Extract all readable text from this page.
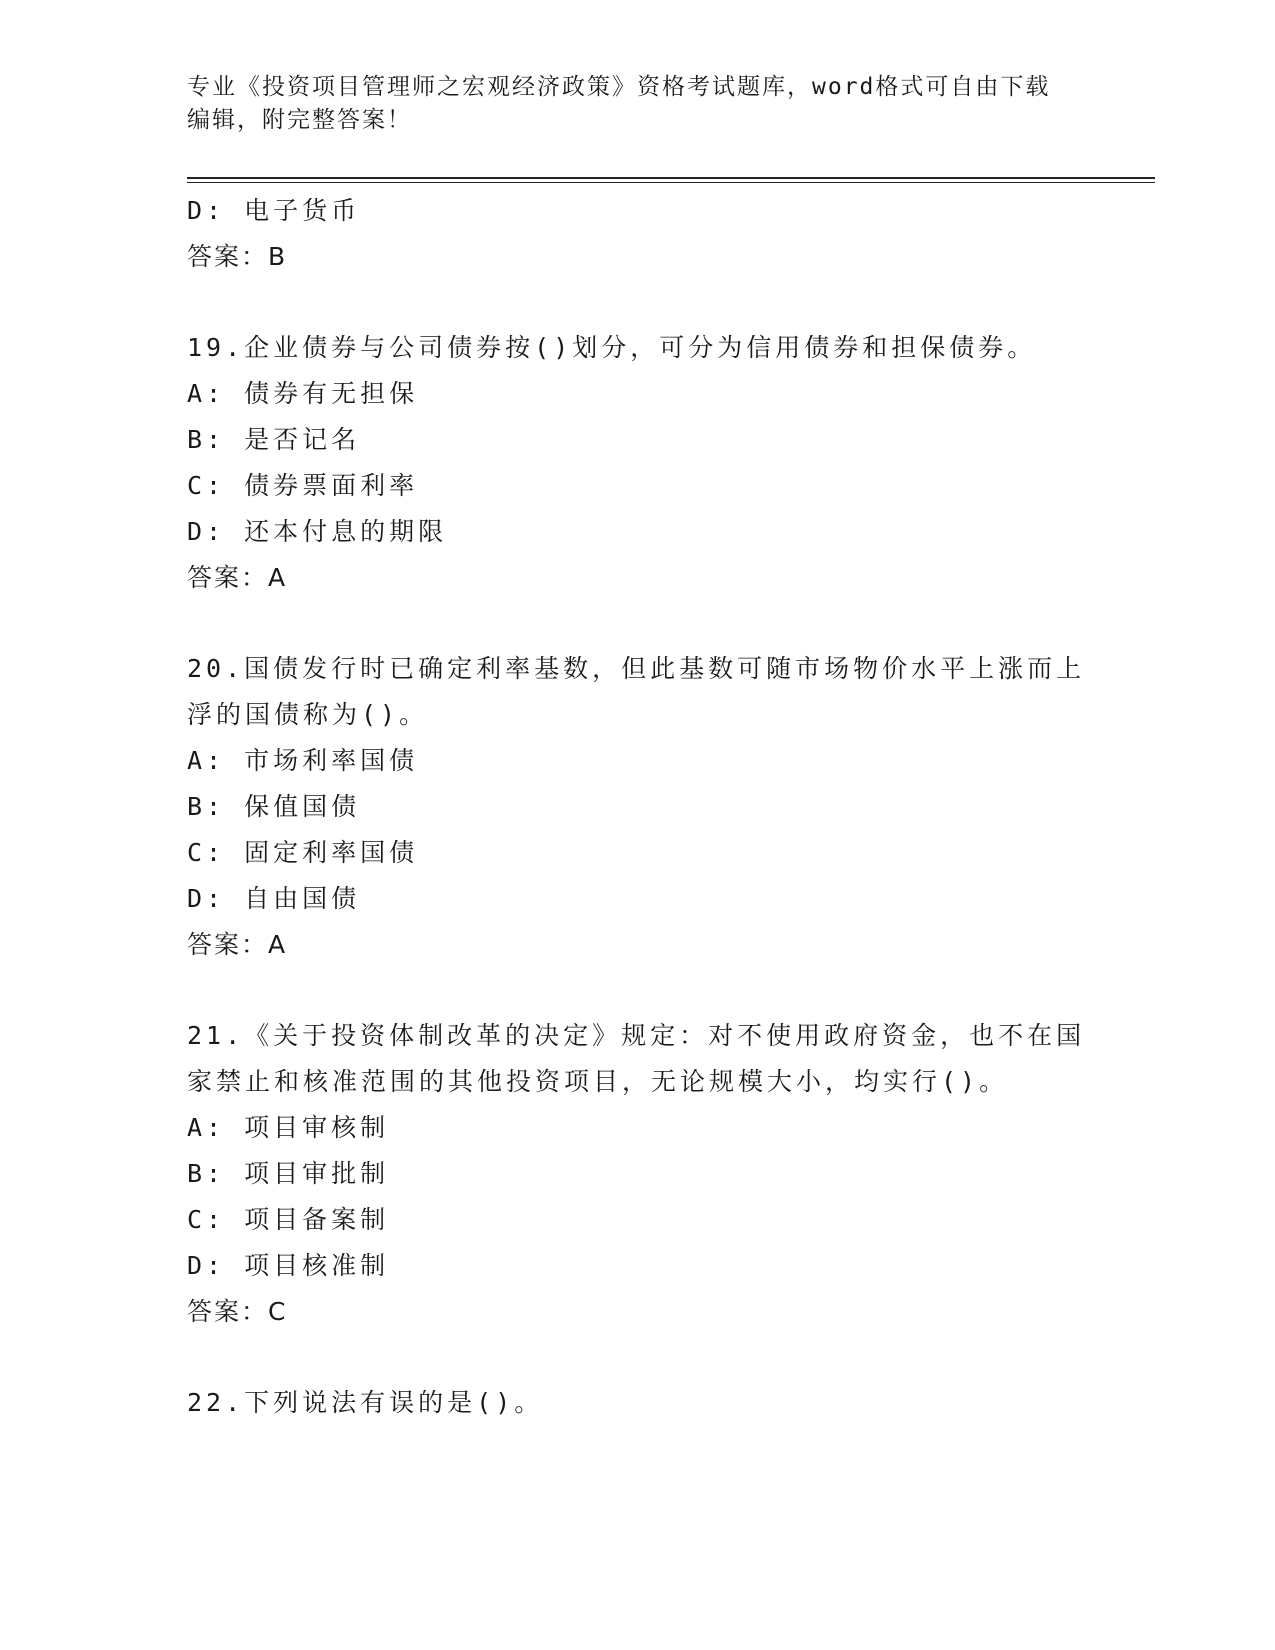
专业《投资项目管理师之宏观经济政策》资格考试题库，word格式可自由下载编辑，附完整答案！
D: 电子货币
答案：B
19.企业债券与公司债券按()划分，可分为信用债券和担保债券。
A: 债券有无担保
B: 是否记名
C: 债券票面利率
D: 还本付息的期限
答案：A
20.国债发行时已确定利率基数，但此基数可随市场物价水平上涨而上
浮的国债称为()。
A: 市场利率国债
B: 保值国债
C: 固定利率国债
D: 自由国债
答案：A
21.《关于投资体制改革的决定》规定：对不使用政府资金，也不在国
家禁止和核准范围的其他投资项目，无论规模大小，均实行()。
A: 项目审核制
B: 项目审批制
C: 项目备案制
D: 项目核准制
答案：C
22.下列说法有误的是()。
